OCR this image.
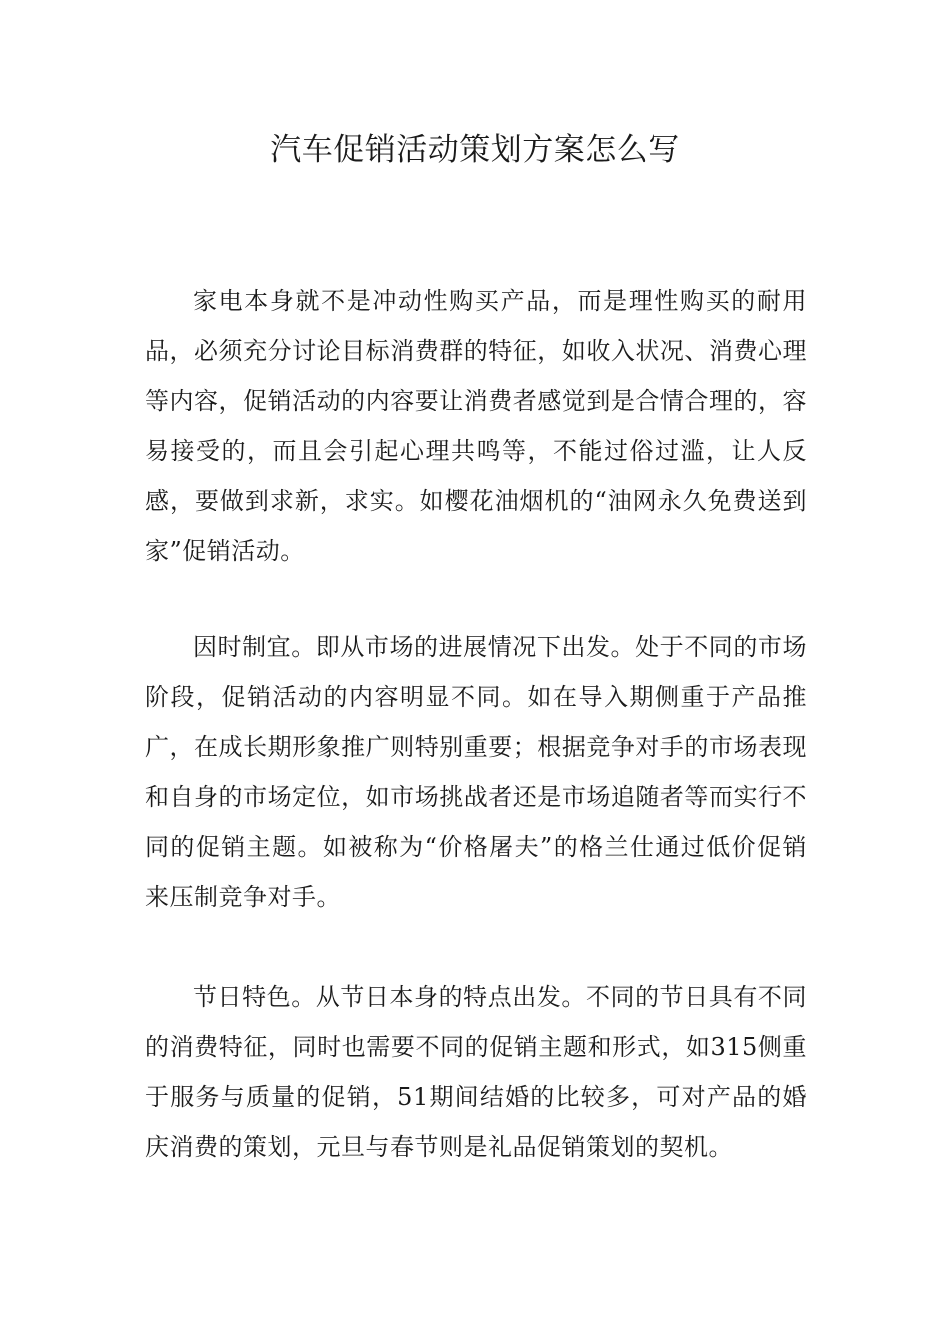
汽车促销活动策划方案怎么写

家电本身就不是冲动性购买产品，而是理性购买的耐用品，必须充分讨论目标消费群的特征，如收入状况、消费心理等内容，促销活动的内容要让消费者感觉到是合情合理的，容易接受的，而且会引起心理共鸣等，不能过俗过滥，让人反感，要做到求新，求实。如樱花油烟机的“油网永久免费送到家”促销活动。

因时制宜。即从市场的进展情况下出发。处于不同的市场阶段，促销活动的内容明显不同。如在导入期侧重于产品推广，在成长期形象推广则特别重要；根据竞争对手的市场表现和自身的市场定位，如市场挑战者还是市场追随者等而实行不同的促销主题。如被称为“价格屠夫”的格兰仕通过低价促销来压制竞争对手。

节日特色。从节日本身的特点出发。不同的节日具有不同的消费特征，同时也需要不同的促销主题和形式，如315侧重于服务与质量的促销，51期间结婚的比较多，可对产品的婚庆消费的策划，元旦与春节则是礼品促销策划的契机。
